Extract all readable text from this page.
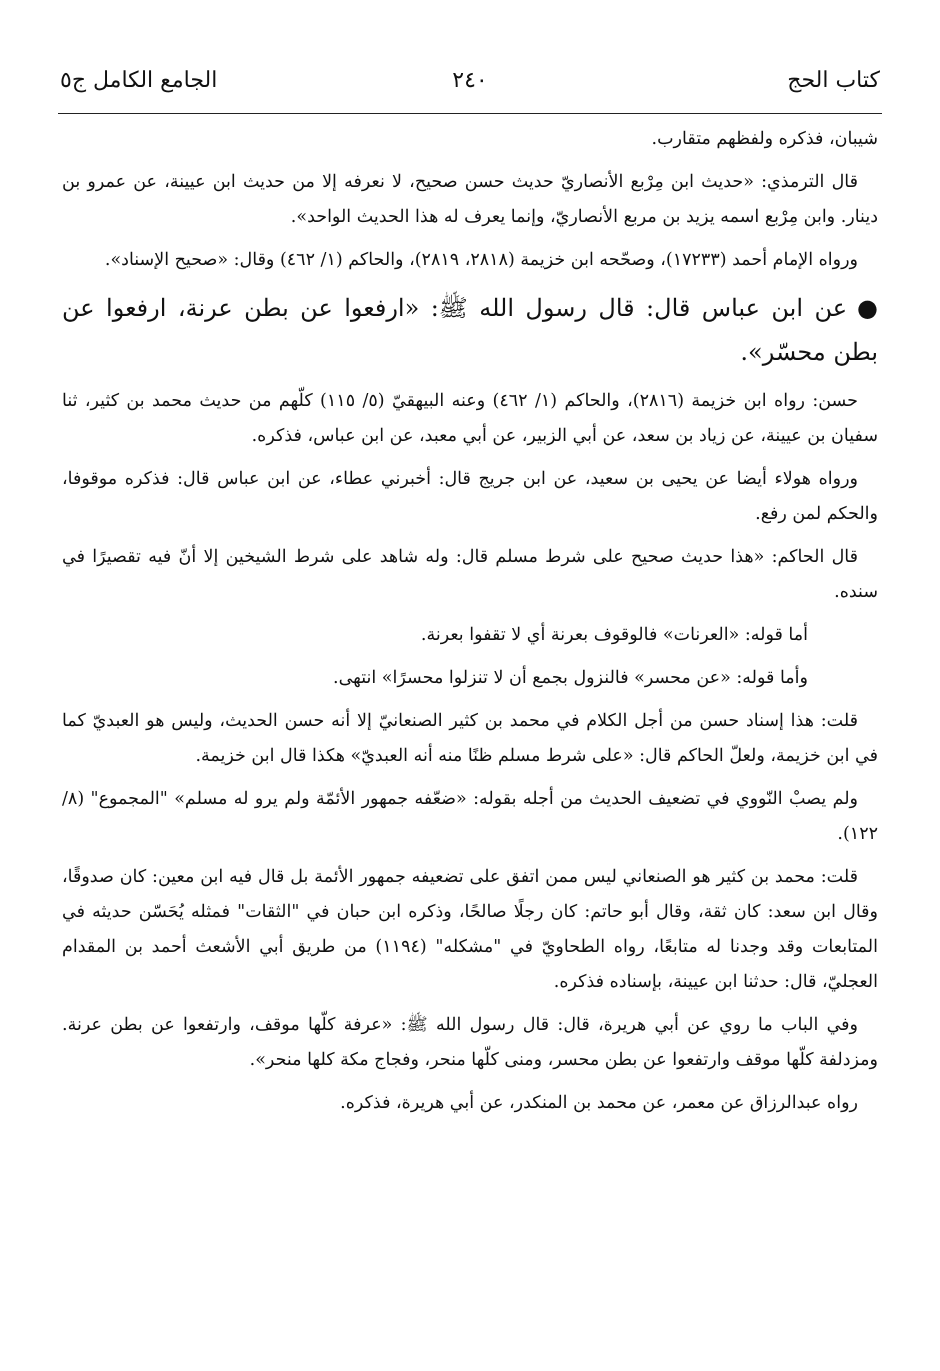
كتاب الحج
٢٤٠
الجامع الكامل ج٥

شيبان، فذكره ولفظهم متقارب.

قال الترمذي: «حديث ابن مِرْبع الأنصاريّ حديث حسن صحيح، لا نعرفه إلا من حديث ابن عيينة، عن عمرو بن دينار. وابن مِرْبع اسمه يزيد بن مربع الأنصاريّ، وإنما يعرف له هذا الحديث الواحد».

ورواه الإمام أحمد (١٧٢٣٣)، وصحّحه ابن خزيمة (٢٨١٨، ٢٨١٩)، والحاكم (١/ ٤٦٢) وقال: «صحيح الإسناد».

●عن ابن عباس قال: قال رسول الله ﷺ: «ارفعوا عن بطن عرنة، ارفعوا عن بطن محسّر».

حسن: رواه ابن خزيمة (٢٨١٦)، والحاكم (١/ ٤٦٢) وعنه البيهقيّ (٥/ ١١٥) كلّهم من حديث محمد بن كثير، ثنا سفيان بن عيينة، عن زياد بن سعد، عن أبي الزبير، عن أبي معبد، عن ابن عباس، فذكره.

ورواه هولاء أيضا عن يحيى بن سعيد، عن ابن جريج قال: أخبرني عطاء، عن ابن عباس قال: فذكره موقوفا، والحكم لمن رفع.

قال الحاكم: «هذا حديث صحيح على شرط مسلم قال: وله شاهد على شرط الشيخين إلا أنّ فيه تقصيرًا في سنده.

أما قوله: «العرنات» فالوقوف بعرنة أي لا تقفوا بعرنة.

وأما قوله: «عن محسر» فالنزول بجمع أن لا تنزلوا محسرًا» انتهى.

قلت: هذا إسناد حسن من أجل الكلام في محمد بن كثير الصنعانيّ إلا أنه حسن الحديث، وليس هو العبديّ كما في ابن خزيمة، ولعلّ الحاكم قال: «على شرط مسلم ظنًا منه أنه العبديّ» هكذا قال ابن خزيمة.

ولم يصبْ النّووي في تضعيف الحديث من أجله بقوله: «ضعّفه جمهور الأئمّة ولم يرو له مسلم» "المجموع" (٨/ ١٢٢).

قلت: محمد بن كثير هو الصنعاني ليس ممن اتفق على تضعيفه جمهور الأئمة بل قال فيه ابن معين: كان صدوقًا، وقال ابن سعد: كان ثقة، وقال أبو حاتم: كان رجلًا صالحًا، وذكره ابن حبان في "الثقات" فمثله يُحَسّن حديثه في المتابعات وقد وجدنا له متابعًا، رواه الطحاويّ في "مشكله" (١١٩٤) من طريق أبي الأشعث أحمد بن المقدام العجليّ، قال: حدثنا ابن عيينة، بإسناده فذكره.

وفي الباب ما روي عن أبي هريرة، قال: قال رسول الله ﷺ: «عرفة كلّها موقف، وارتفعوا عن بطن عرنة. ومزدلفة كلّها موقف وارتفعوا عن بطن محسر، ومنى كلّها منحر، وفجاج مكة كلها منحر».

رواه عبدالرزاق عن معمر، عن محمد بن المنكدر، عن أبي هريرة، فذكره.
